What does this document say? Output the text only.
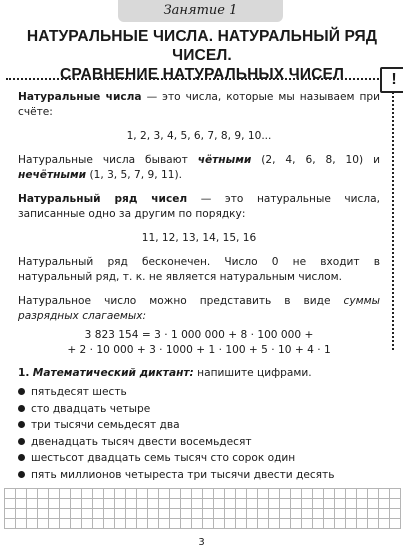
Занятие 1
НАТУРАЛЬНЫЕ ЧИСЛА. НАТУРАЛЬНЫЙ РЯД ЧИСЕЛ.
СРАВНЕНИЕ НАТУРАЛЬНЫХ ЧИСЕЛ	!

Натуральные числа — это числа, которые мы называем при счёте:

1, 2, 3, 4, 5, 6, 7, 8, 9, 10...

Натуральные числа бывают чётными (2, 4, 6, 8, 10) и нечётными (1, 3, 5, 7, 9, 11).

Натуральный ряд чисел — это натуральные числа, записанные одно за другим по порядку:

11, 12, 13, 14, 15, 16

Натуральный ряд бесконечен. Число 0 не входит в натуральный ряд, т. к. не является натуральным числом.

Натуральное число можно представить в виде суммы разрядных слагаемых:

3 823 154 = 3 · 1 000 000 + 8 · 100 000 +
+ 2 · 10 000 + 3 · 1000 + 1 · 100 + 5 · 10 + 4 · 1
1. Математический диктант: напишите цифрами.
пятьдесят шесть
сто двадцать четыре
три тысячи семьдесят два
двенадцать тысяч двести восемьдесят
шестьсот двадцать семь тысяч сто сорок один
пять миллионов четыреста три тысячи двести десять
3
